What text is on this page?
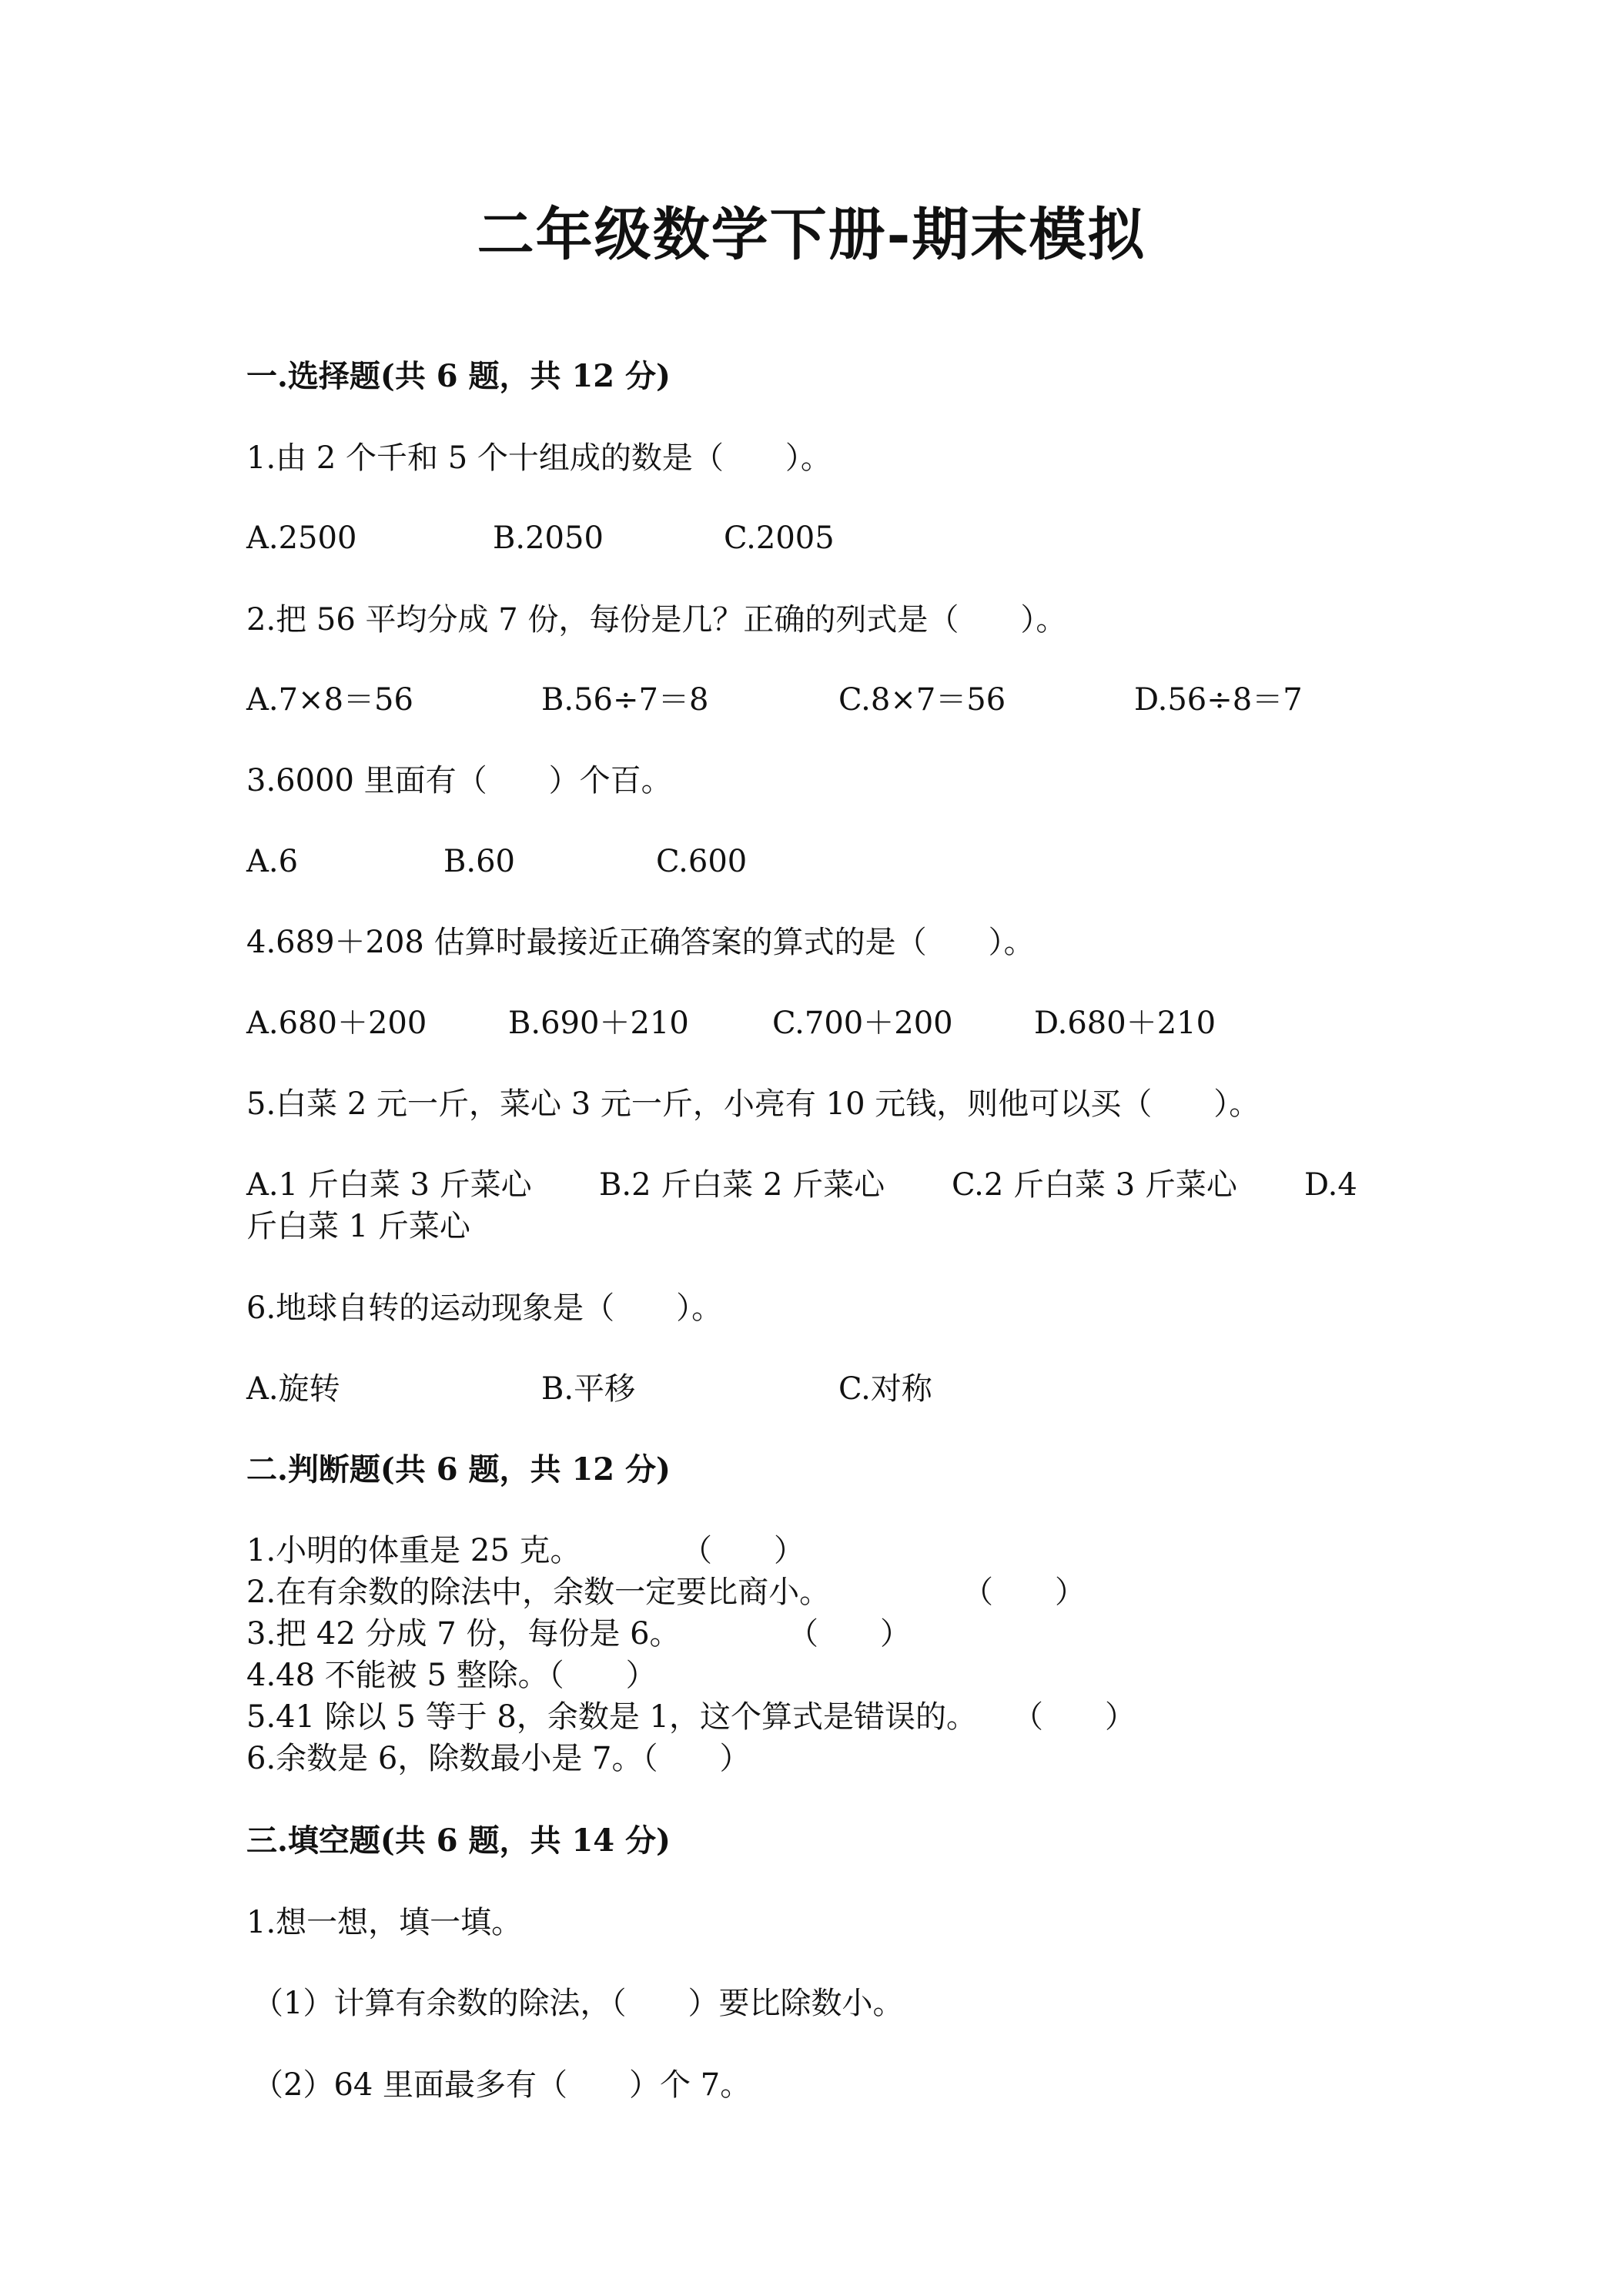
二年级数学下册-期末模拟
一.选择题(共 6 题，共 12 分)
1.由 2 个千和 5 个十组成的数是（　　）。
A.2500	B.2050	C.2005
2.把 56 平均分成 7 份，每份是几？正确的列式是（　　）。
A.7×8＝56	B.56÷7＝8	C.8×7＝56	D.56÷8＝7
3.6000 里面有（　　）个百。
A.6	B.60	C.600
4.689＋208 估算时最接近正确答案的算式的是（　　）。
A.680＋200	B.690＋210	C.700＋200	D.680＋210
5.白菜 2 元一斤，菜心 3 元一斤，小亮有 10 元钱，则他可以买（　　）。
A.1 斤白菜 3 斤菜心 B.2 斤白菜 2 斤菜心 C.2 斤白菜 3 斤菜心 D.4
斤白菜 1 斤菜心
6.地球自转的运动现象是（　　）。
A.旋转	B.平移	C.对称
二.判断题(共 6 题，共 12 分)
1.小明的体重是 25 克。	（　　）
2.在有余数的除法中，余数一定要比商小。	（　　）
3.把 42 分成 7 份，每份是 6。	（　　）
4.48 不能被 5 整除。（　　）
5.41 除以 5 等于 8，余数是 1，这个算式是错误的。 （　　）
6.余数是 6，除数最小是 7。（　　）
三.填空题(共 6 题，共 14 分)
1.想一想，填一填。
（1）计算有余数的除法，（　　）要比除数小。
（2）64 里面最多有（　　）个 7。
